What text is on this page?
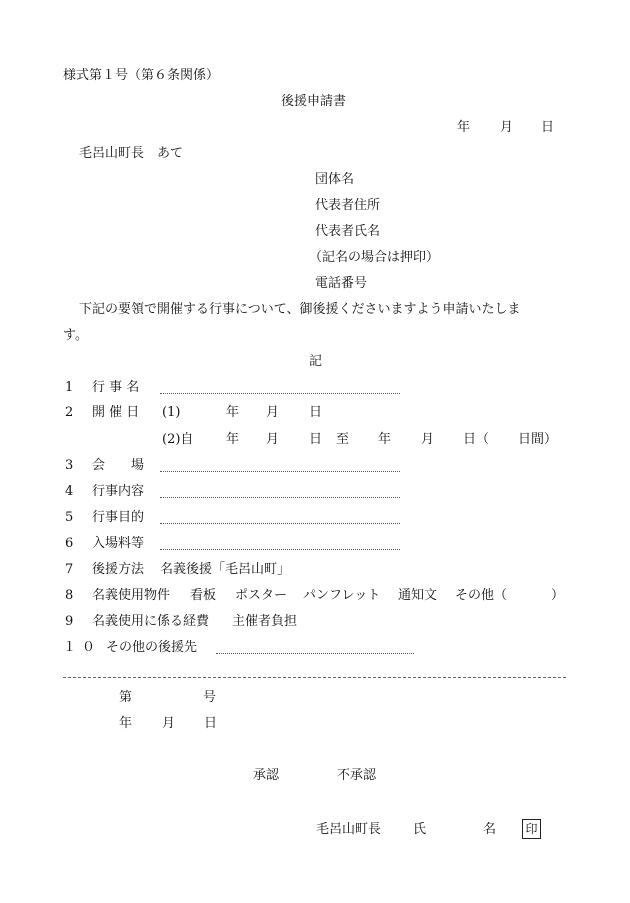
様式第１号（第６条関係）
後援申請書
年 月 日
毛呂山町長　あて
団体名
代表者住所
代表者氏名
（記名の場合は押印）
電話番号
下記の要領で開催する行事について、御後援くださいますよう申請いたしま
す。
記
1 行 事 名
2 開 催 日 (1)	年 月 日
(2)自	年 月 日 至 年 月 日（ 日間）
3 会　　場
4 行事内容
5 行事目的
6 入場料等
7 後援方法 名義後援「毛呂山町」
8 名義使用物件 看板 ポスター パンフレット 通知文 その他（	）
9 名義使用に係る経費 主催者負担
１０ その他の後援先
第	号
年 月 日
承認	不承認
毛呂山町長 氏	名 印
